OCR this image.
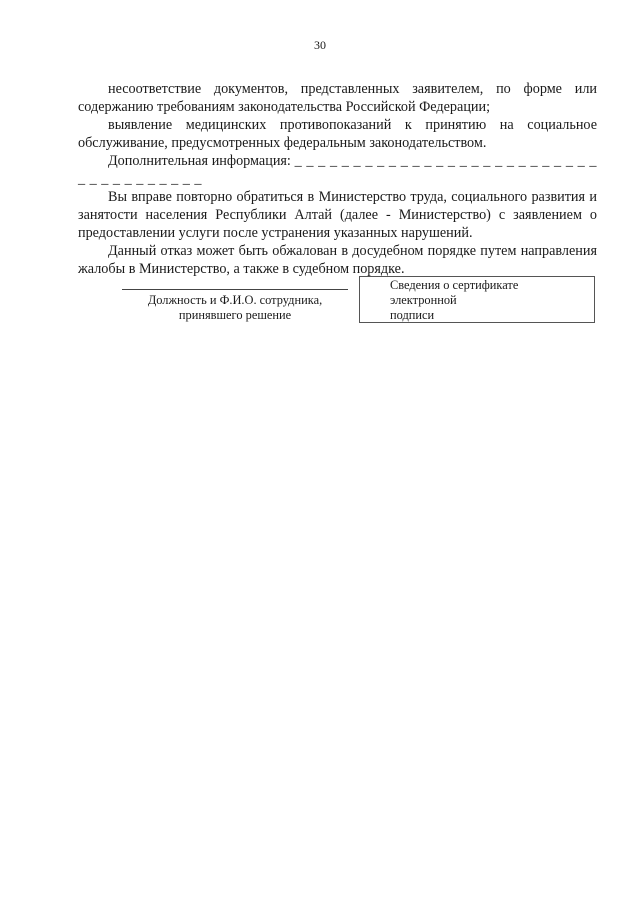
30

несоответствие документов, представленных заявителем, по форме или содержанию требованиям законодательства Российской Федерации;

выявление медицинских противопоказаний к принятию на социальное обслуживание, предусмотренных федеральным законодательством.

Дополнительная информация: _ _ _ _ _ _ _ _ _ _ _ _ _ _ _ _ _ _ _ _ _ _ _ _ _ _ _ _ _ _ _ _ _ _ _ _ _

Вы вправе повторно обратиться в Министерство труда, социального развития и занятости населения Республики Алтай (далее - Министерство) с заявлением о предоставлении услуги после устранения указанных нарушений.

Данный отказ может быть обжалован в досудебном порядке путем направления жалобы в Министерство, а также в судебном порядке.

Должность и Ф.И.О. сотрудника,
принявшего решение
Сведения о сертификате
электронной
подписи
